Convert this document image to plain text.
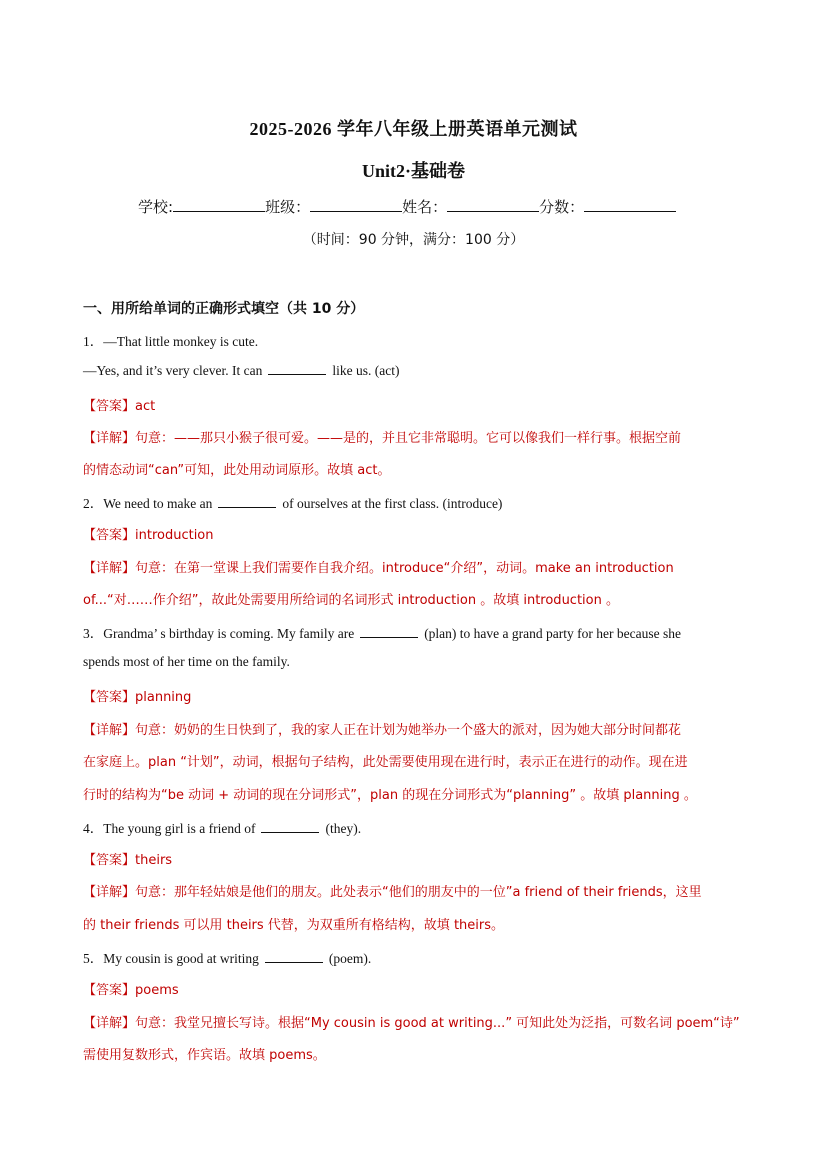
2025-2026 学年八年级上册英语单元测试
Unit2·基础卷
学校:	班级：	姓名：	分数：
（时间：90 分钟，满分：100 分）
一、用所给单词的正确形式填空（共 10 分）
1．—That little monkey is cute.
—Yes, and it’s very clever. It can	like us. (act)
【答案】act
【详解】句意：——那只小猴子很可爱。——是的，并且它非常聪明。它可以像我们一样行事。根据空前
的情态动词“can”可知，此处用动词原形。故填 act。
2．We need to make an	of ourselves at the first class. (introduce)
【答案】introduction
【详解】句意：在第一堂课上我们需要作自我介绍。introduce“介绍”，动词。make an introduction
of...“对……作介绍”，故此处需要用所给词的名词形式 introduction 。故填 introduction 。
3．Grandma’ s birthday is coming. My family are	(plan) to have a grand party for her because she
spends most of her time on the family.
【答案】planning
【详解】句意：奶奶的生日快到了，我的家人正在计划为她举办一个盛大的派对，因为她大部分时间都花
在家庭上。plan “计划”，动词，根据句子结构，此处需要使用现在进行时，表示正在进行的动作。现在进
行时的结构为“be 动词 + 动词的现在分词形式”，plan 的现在分词形式为“planning” 。故填 planning 。
4．The young girl is a friend of	(they).
【答案】theirs
【详解】句意：那年轻姑娘是他们的朋友。此处表示“他们的朋友中的一位”a friend of their friends，这里
的 their friends 可以用 theirs 代替，为双重所有格结构，故填 theirs。
5．My cousin is good at writing	(poem).
【答案】poems
【详解】句意：我堂兄擅长写诗。根据“My cousin is good at writing...” 可知此处为泛指，可数名词 poem“诗”
需使用复数形式，作宾语。故填 poems。
